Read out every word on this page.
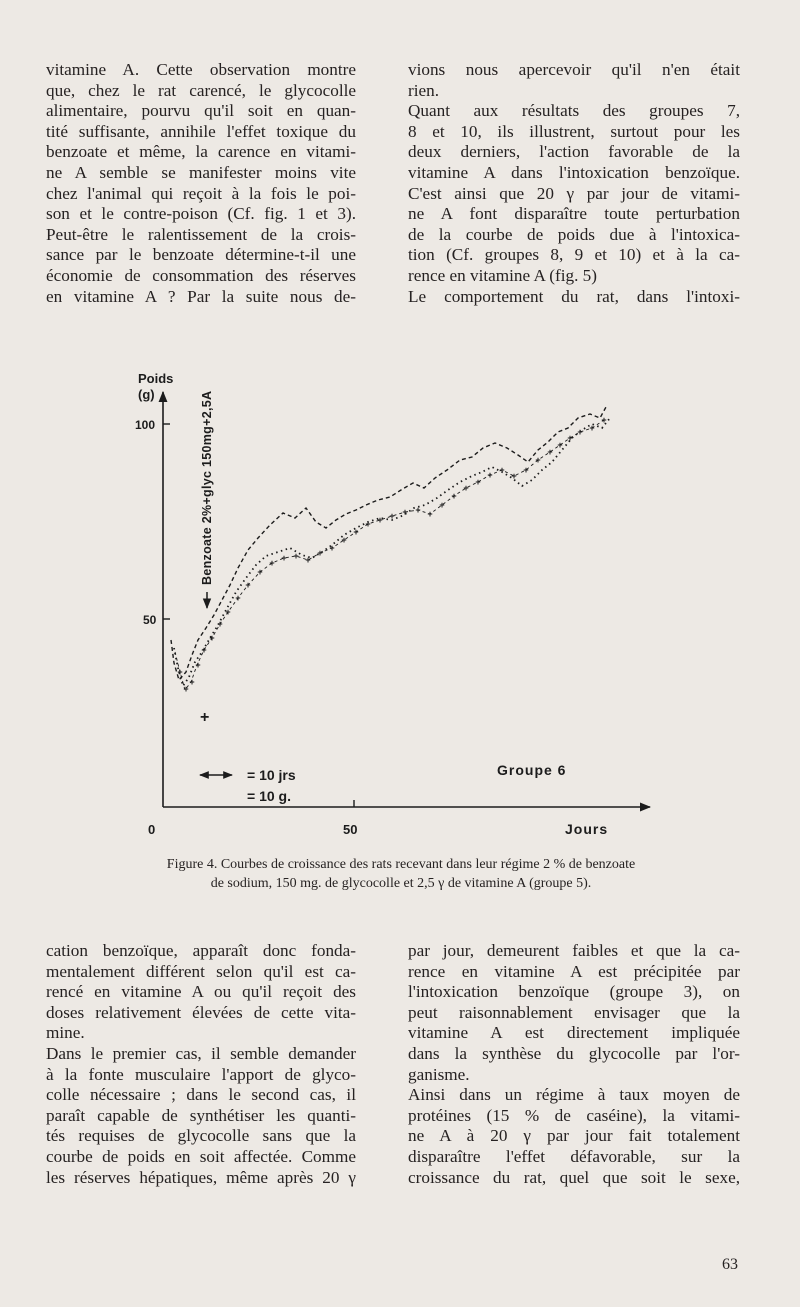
vitamine A. Cette observation montre
que, chez le rat carencé, le glycocolle
alimentaire, pourvu qu'il soit en quan-
tité suffisante, annihile l'effet toxique du
benzoate et même, la carence en vitami-
ne A semble se manifester moins vite
chez l'animal qui reçoit à la fois le poi-
son et le contre-poison (Cf. fig. 1 et 3).
Peut-être le ralentissement de la crois-
sance par le benzoate détermine-t-il une
économie de consommation des réserves
en vitamine A ? Par la suite nous de-
vions nous apercevoir qu'il n'en était
rien.
Quant aux résultats des groupes 7,
8 et 10, ils illustrent, surtout pour les
deux derniers, l'action favorable de la
vitamine A dans l'intoxication benzoïque.
C'est ainsi que 20 γ par jour de vitami-
ne A font disparaître toute perturbation
de la courbe de poids due à l'intoxica-
tion (Cf. groupes 8, 9 et 10) et à la ca-
rence en vitamine A (fig. 5)
Le comportement du rat, dans l'intoxi-
Poids
(g)
100
50
0	50	Jours
Benzoate 2%+glyc 150mg+2,5A
+
+
+
+
+
+
+
+
+
+
+
+ + + +
+ +
+
+
+ + + + + +
+
+
+
+
+ +
+
+
+
+
+
+
+ +
+
+
= 10 jrs
= 10 g.
Groupe 6
Figure 4. Courbes de croissance des rats recevant dans leur régime 2 % de benzoate
de sodium, 150 mg. de glycocolle et 2,5 γ de vitamine A (groupe 5).
cation benzoïque, apparaît donc fonda-
mentalement différent selon qu'il est ca-
rencé en vitamine A ou qu'il reçoit des
doses relativement élevées de cette vita-
mine.
Dans le premier cas, il semble demander
à la fonte musculaire l'apport de glyco-
colle nécessaire ; dans le second cas, il
paraît capable de synthétiser les quanti-
tés requises de glycocolle sans que la
courbe de poids en soit affectée. Comme
les réserves hépatiques, même après 20 γ
par jour, demeurent faibles et que la ca-
rence en vitamine A est précipitée par
l'intoxication benzoïque (groupe 3), on
peut raisonnablement envisager que la
vitamine A est directement impliquée
dans la synthèse du glycocolle par l'or-
ganisme.
Ainsi dans un régime à taux moyen de
protéines (15 % de caséine), la vitami-
ne A à 20 γ par jour fait totalement
disparaître l'effet défavorable, sur la
croissance du rat, quel que soit le sexe,
63
